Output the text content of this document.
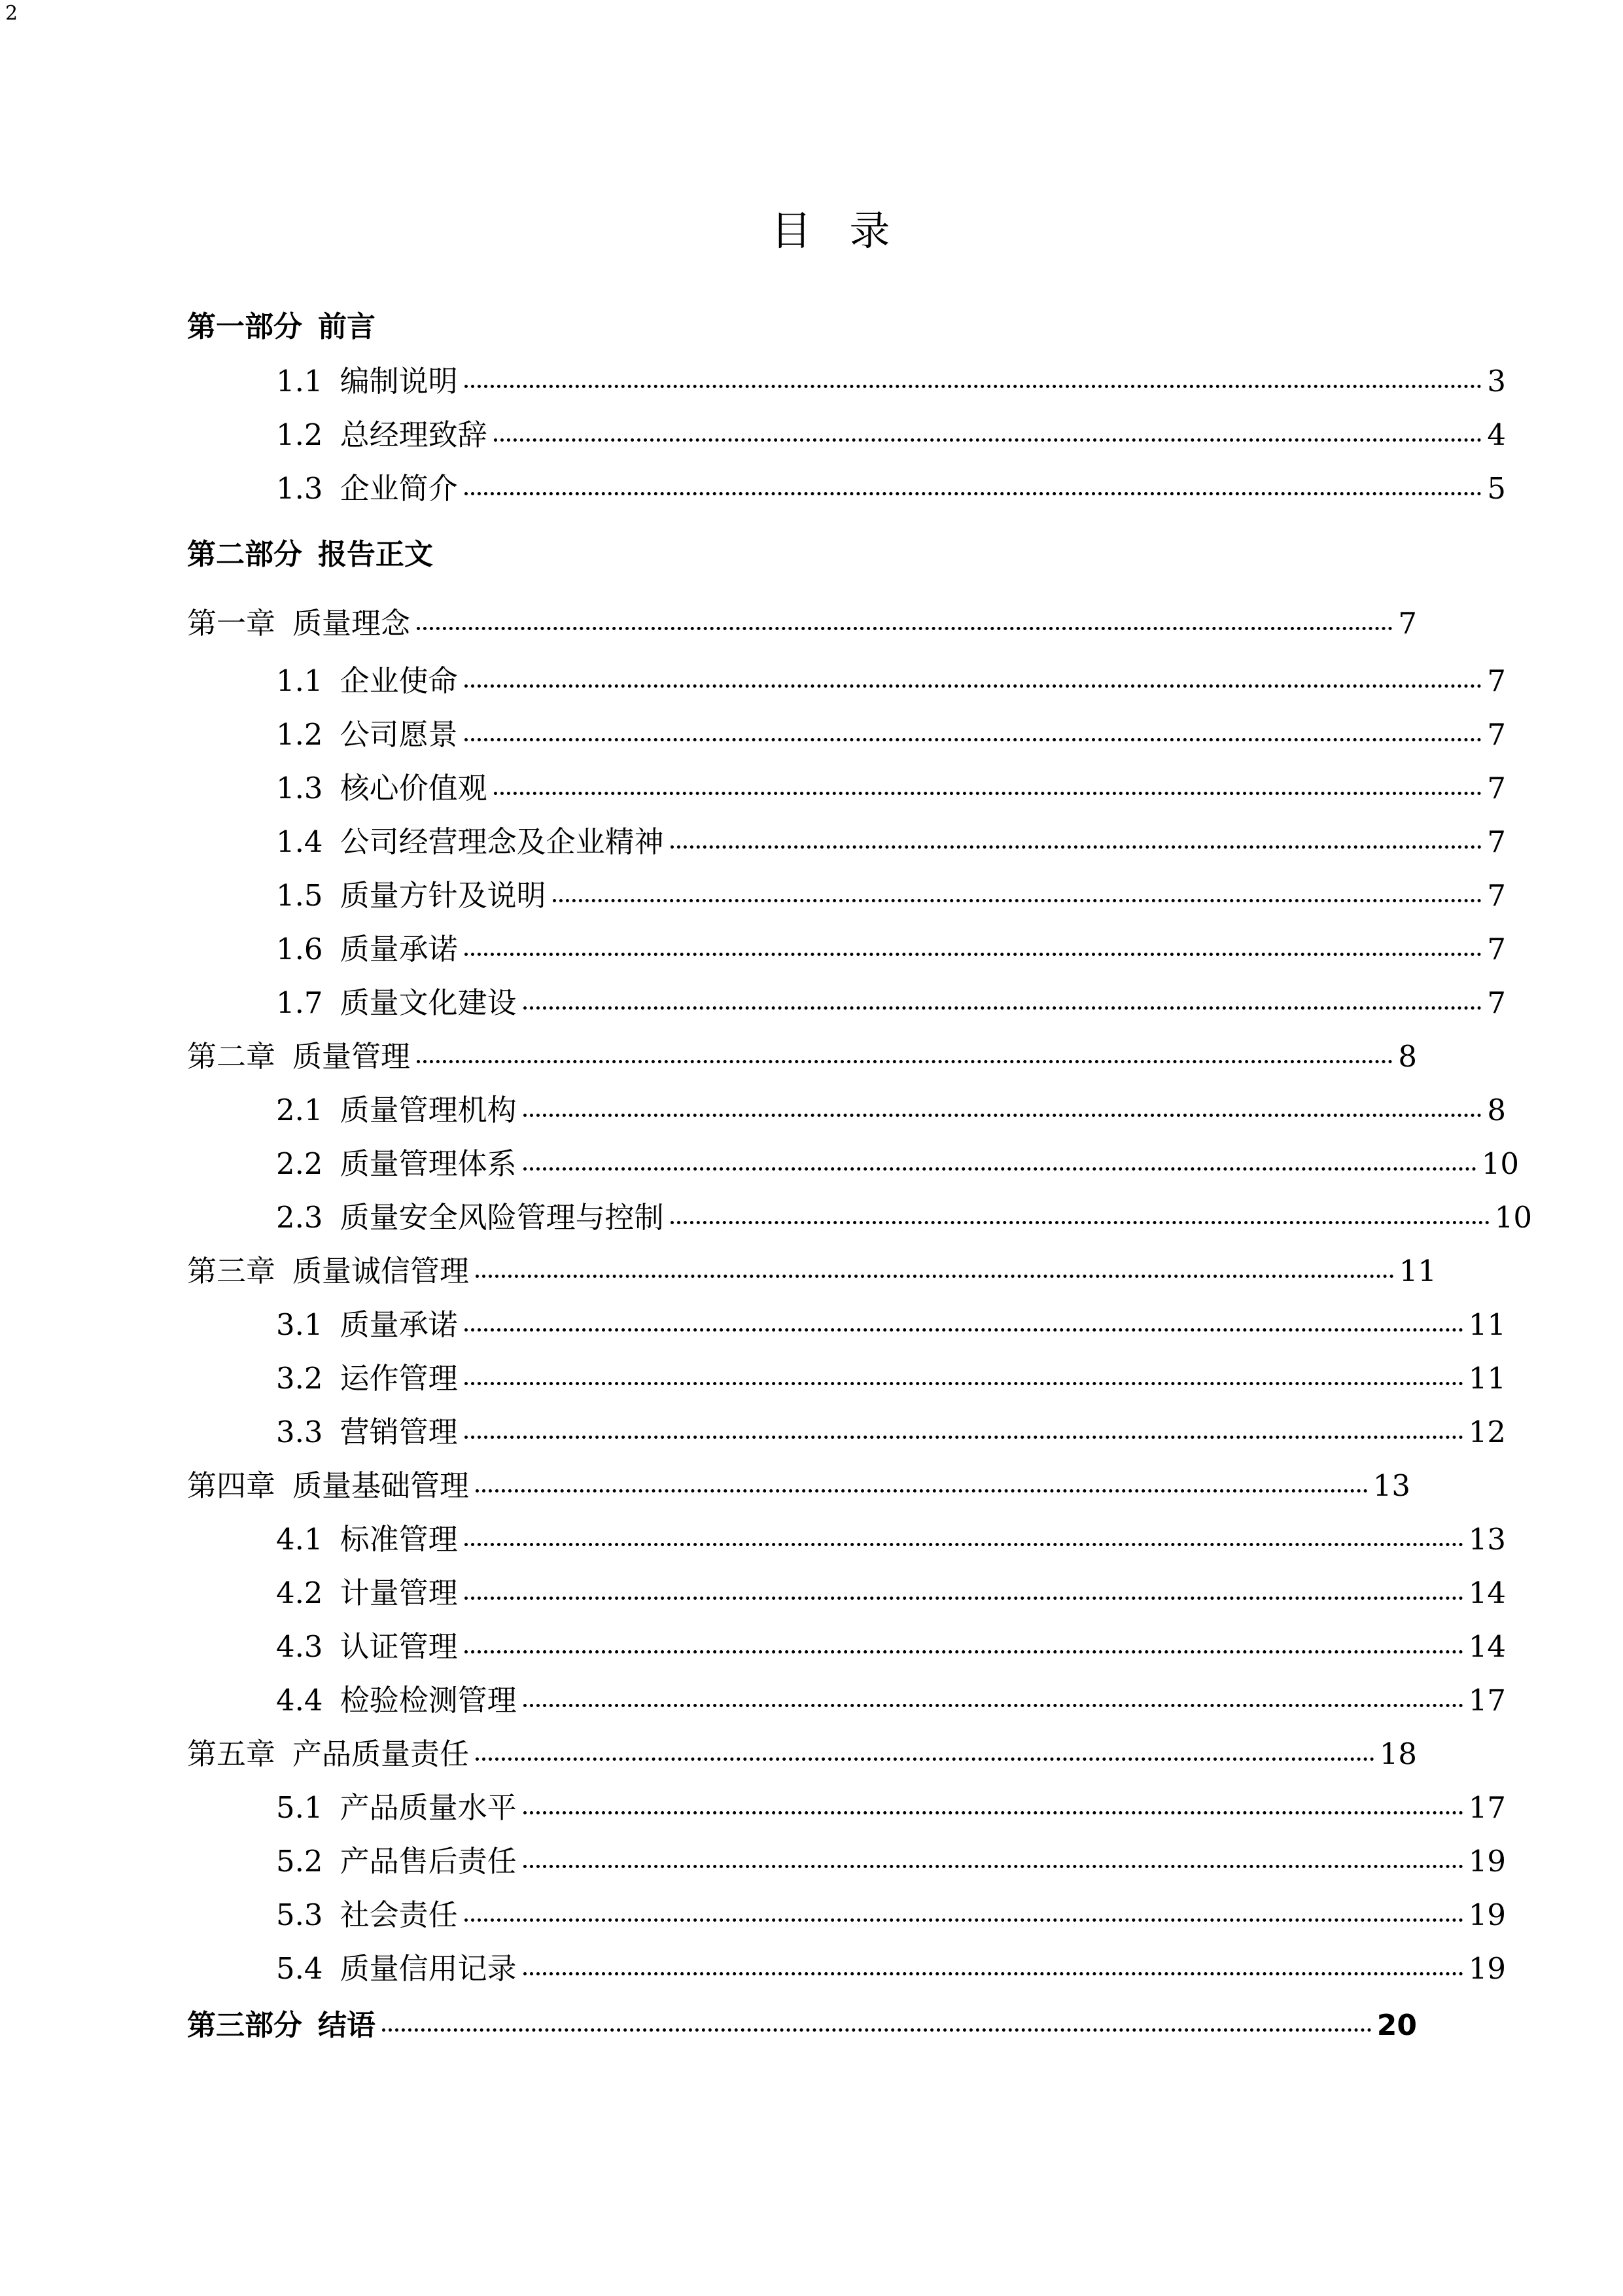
2
目录
第一部分 前言
1.1 编制说明	3
1.2 总经理致辞	4
1.3 企业简介	5
第二部分 报告正文
第一章 质量理念	7
1.1 企业使命	7
1.2 公司愿景	7
1.3 核心价值观	7
1.4 公司经营理念及企业精神	7
1.5 质量方针及说明	7
1.6 质量承诺	7
1.7 质量文化建设	7
第二章 质量管理	8
2.1 质量管理机构	8
2.2 质量管理体系	10
2.3 质量安全风险管理与控制	10
第三章 质量诚信管理	11
3.1 质量承诺	11
3.2 运作管理	11
3.3 营销管理	12
第四章 质量基础管理	13
4.1 标准管理	13
4.2 计量管理	14
4.3 认证管理	14
4.4 检验检测管理	17
第五章 产品质量责任	18
5.1 产品质量水平	17
5.2 产品售后责任	19
5.3 社会责任	19
5.4 质量信用记录	19
第三部分 结语	20
